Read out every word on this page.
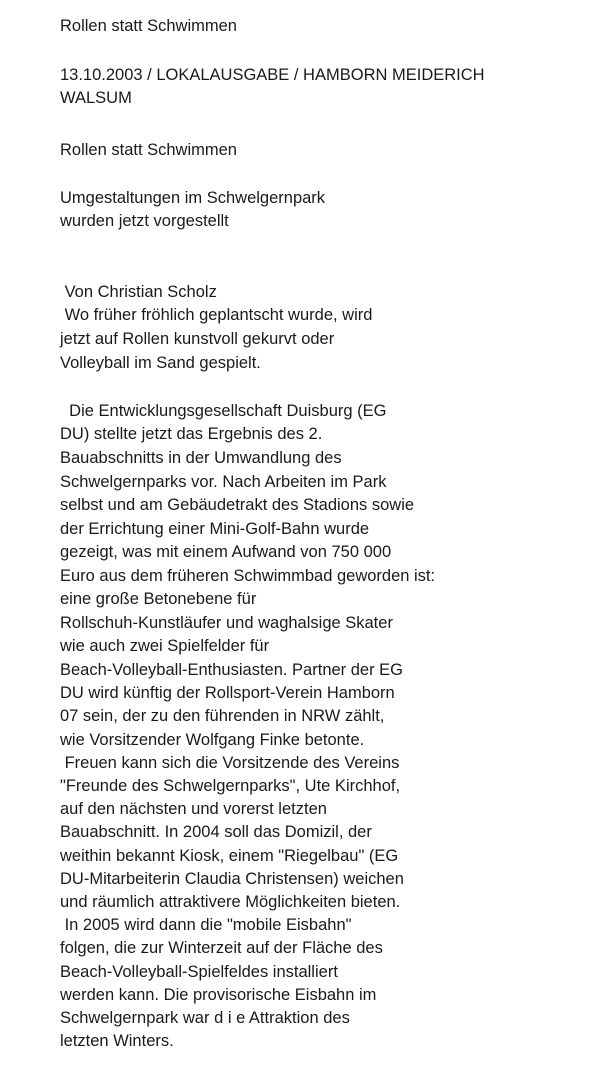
Rollen statt Schwimmen

13.10.2003 / LOKALAUSGABE / HAMBORN MEIDERICH

WALSUM

Rollen statt Schwimmen

Umgestaltungen im Schwelgernpark

wurden jetzt vorgestellt

Von Christian Scholz

Wo früher fröhlich geplantscht wurde, wird

jetzt auf Rollen kunstvoll gekurvt oder

Volleyball im Sand gespielt.

Die Entwicklungsgesellschaft Duisburg (EG

DU) stellte jetzt das Ergebnis des 2.

Bauabschnitts in der Umwandlung des

Schwelgernparks vor. Nach Arbeiten im Park

selbst und am Gebäudetrakt des Stadions sowie

der Errichtung einer Mini-Golf-Bahn wurde

gezeigt, was mit einem Aufwand von 750 000

Euro aus dem früheren Schwimmbad geworden ist:

eine große Betonebene für

Rollschuh-Kunstläufer und waghalsige Skater

wie auch zwei Spielfelder für

Beach-Volleyball-Enthusiasten. Partner der EG

DU wird künftig der Rollsport-Verein Hamborn

07 sein, der zu den führenden in NRW zählt,

wie Vorsitzender Wolfgang Finke betonte.

Freuen kann sich die Vorsitzende des Vereins

"Freunde des Schwelgernparks", Ute Kirchhof,

auf den nächsten und vorerst letzten

Bauabschnitt. In 2004 soll das Domizil, der

weithin bekannt Kiosk, einem "Riegelbau" (EG

DU-Mitarbeiterin Claudia Christensen) weichen

und räumlich attraktivere Möglichkeiten bieten.

In 2005 wird dann die "mobile Eisbahn"

folgen, die zur Winterzeit auf der Fläche des

Beach-Volleyball-Spielfeldes installiert

werden kann. Die provisorische Eisbahn im

Schwelgernpark war d i e Attraktion des

letzten Winters.
